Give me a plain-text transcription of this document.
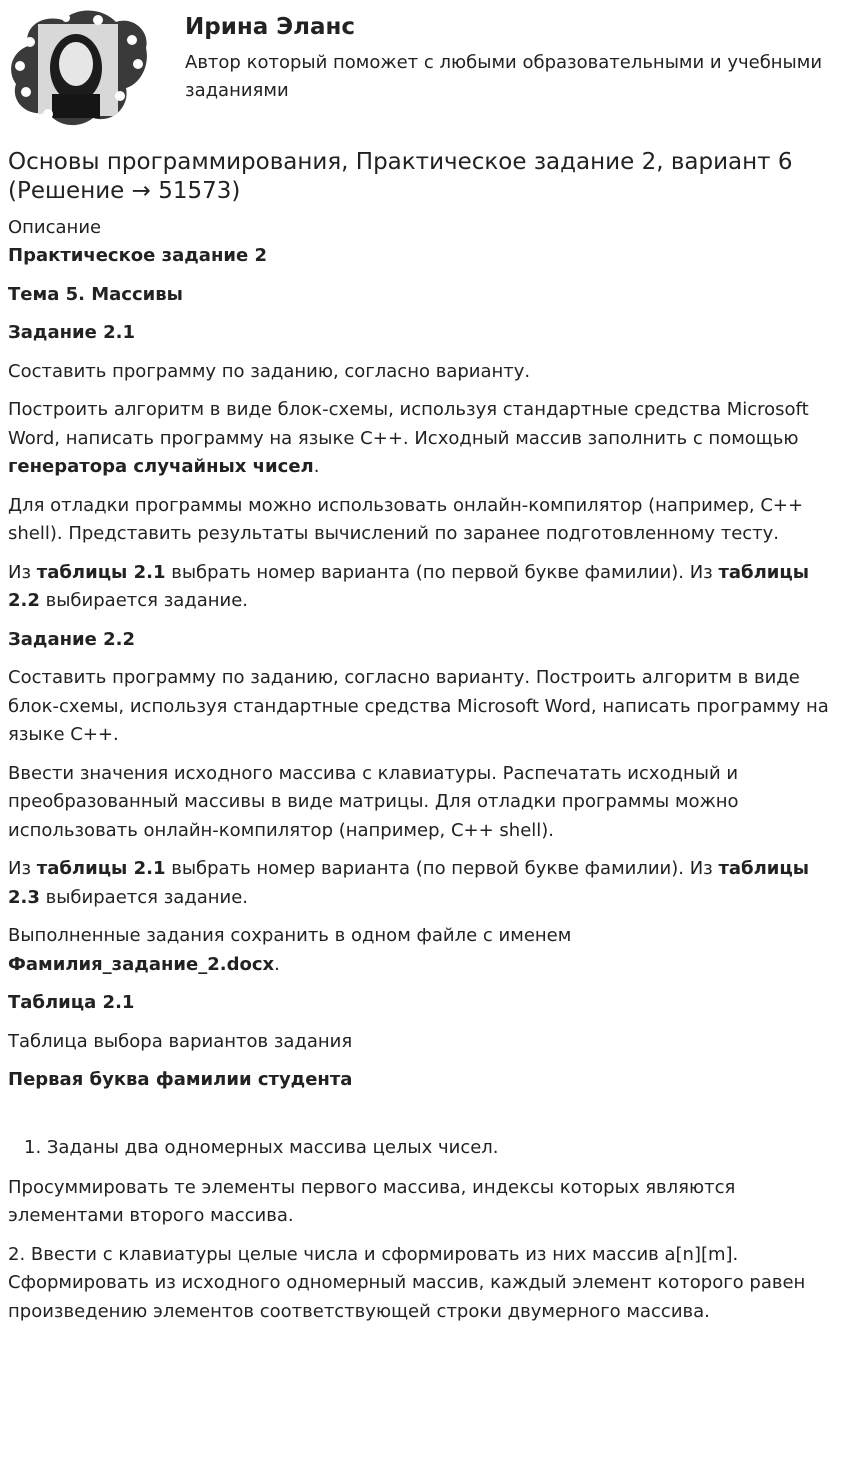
Ирина Эланс
Автор который поможет с любыми образовательными и учебными заданиями
Основы программирования, Практическое задание 2, вариант 6 (Решение → 51573)

Описание

Практическое задание 2

Тема 5. Массивы

Задание 2.1

Составить программу по заданию, согласно варианту.

Построить алгоритм в виде блок-схемы, используя стандартные средства Microsoft Word, написать программу на языке С++. Исходный массив заполнить с помощью генератора случайных чисел.

Для отладки программы можно использовать онлайн-компилятор (например, C++ shell). Представить результаты вычислений по заранее подготовленному тесту.

Из таблицы 2.1 выбрать номер варианта (по первой букве фамилии). Из таблицы 2.2 выбирается задание.

Задание 2.2

Составить программу по заданию, согласно варианту. Построить алгоритм в виде блок-схемы, используя стандартные средства Microsoft Word, написать программу на языке С++.

Ввести значения исходного массива с клавиатуры. Распечатать исходный и преобразованный массивы в виде матрицы. Для отладки программы можно использовать онлайн-компилятор (например, C++ shell).

Из таблицы 2.1 выбрать номер варианта (по первой букве фамилии). Из таблицы 2.3 выбирается задание.

Выполненные задания сохранить в одном файле с именем Фамилия_задание_2.docx.

Таблица 2.1

Таблица выбора вариантов задания

Первая буква фамилии студента

1. Заданы два одномерных массива целых чисел.

Просуммировать те элементы первого массива, индексы которых являются элементами второго массива.

2. Ввести с клавиатуры целые числа и сформировать из них массив a[n][m]. Сформировать из исходного одномерный массив, каждый элемент которого равен произведению элементов соответствующей строки двумерного массива.
